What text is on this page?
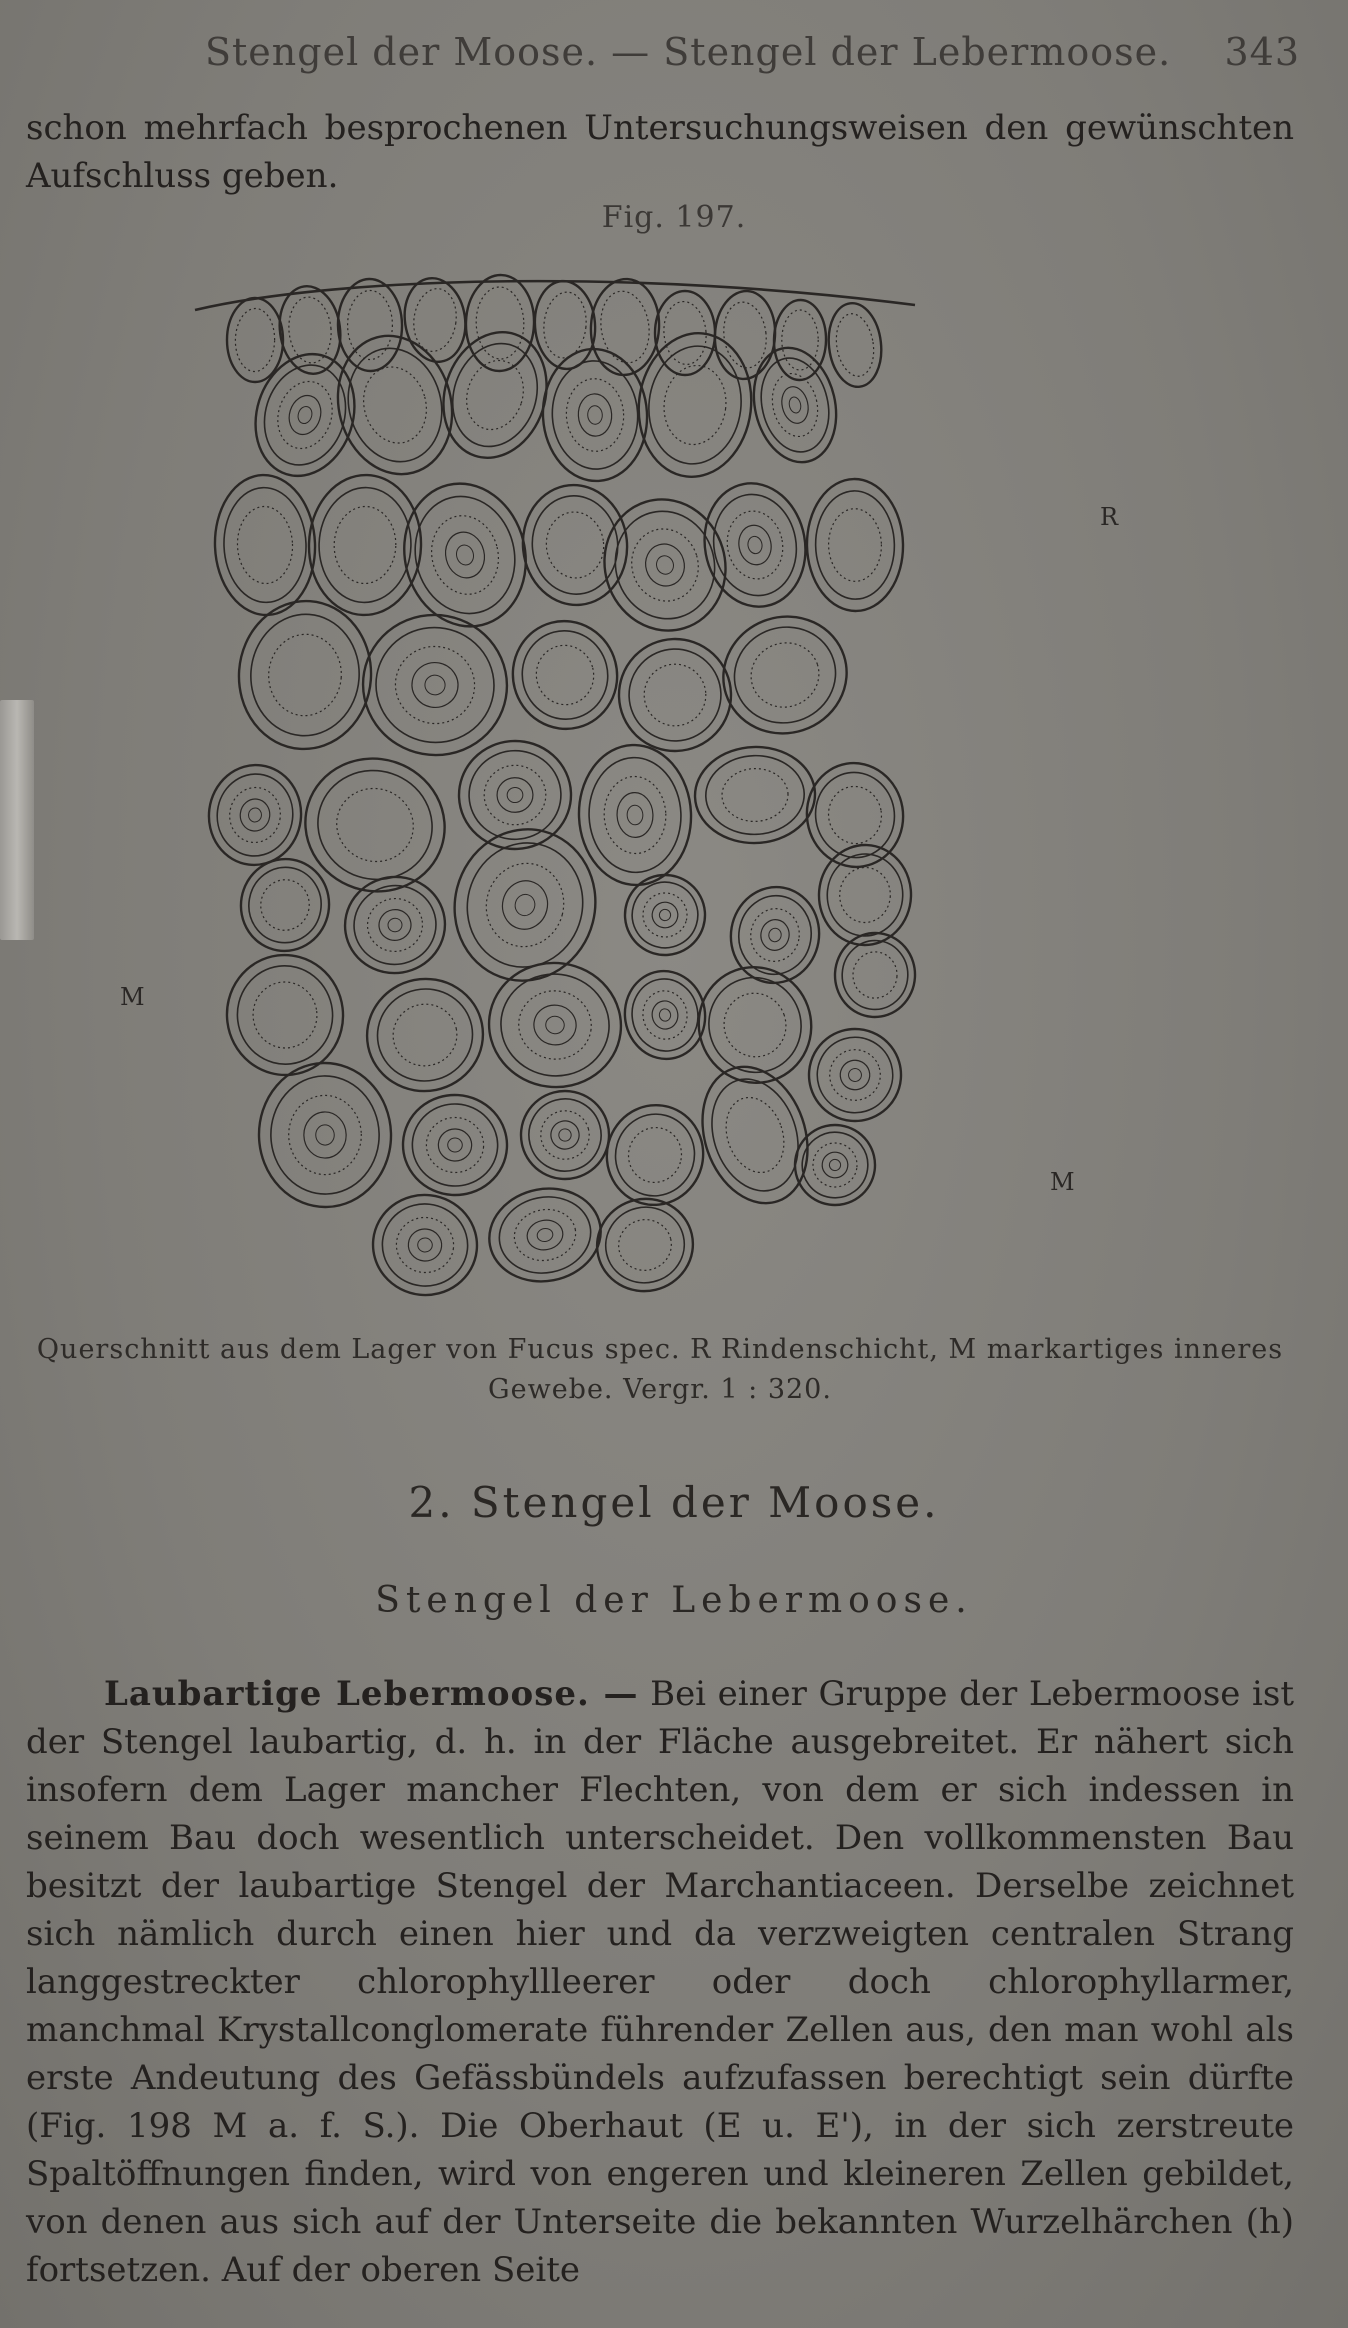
Stengel der Moose. — Stengel der Lebermoose. 343
schon mehrfach besprochenen Untersuchungsweisen den gewünschten Aufschluss geben.
Fig. 197.
R
M
M
Querschnitt aus dem Lager von Fucus spec. R Rindenschicht, M markartiges inneres Gewebe. Vergr. 1 : 320.
2. Stengel der Moose.
Stengel der Lebermoose.
Laubartige Lebermoose. — Bei einer Gruppe der Lebermoose ist der Stengel laubartig, d. h. in der Fläche ausgebreitet. Er nähert sich insofern dem Lager mancher Flechten, von dem er sich indessen in seinem Bau doch wesentlich unterscheidet. Den vollkommensten Bau besitzt der laubartige Stengel der Marchantiaceen. Derselbe zeichnet sich nämlich durch einen hier und da verzweigten centralen Strang langgestreckter chlorophyllleerer oder doch chlorophyllarmer, manchmal Krystallconglomerate führender Zellen aus, den man wohl als erste Andeutung des Gefässbündels aufzufassen berechtigt sein dürfte (Fig. 198 M a. f. S.). Die Oberhaut (E u. E'), in der sich zerstreute Spaltöffnungen finden, wird von engeren und kleineren Zellen gebildet, von denen aus sich auf der Unterseite die bekannten Wurzelhärchen (h) fortsetzen. Auf der oberen Seite
